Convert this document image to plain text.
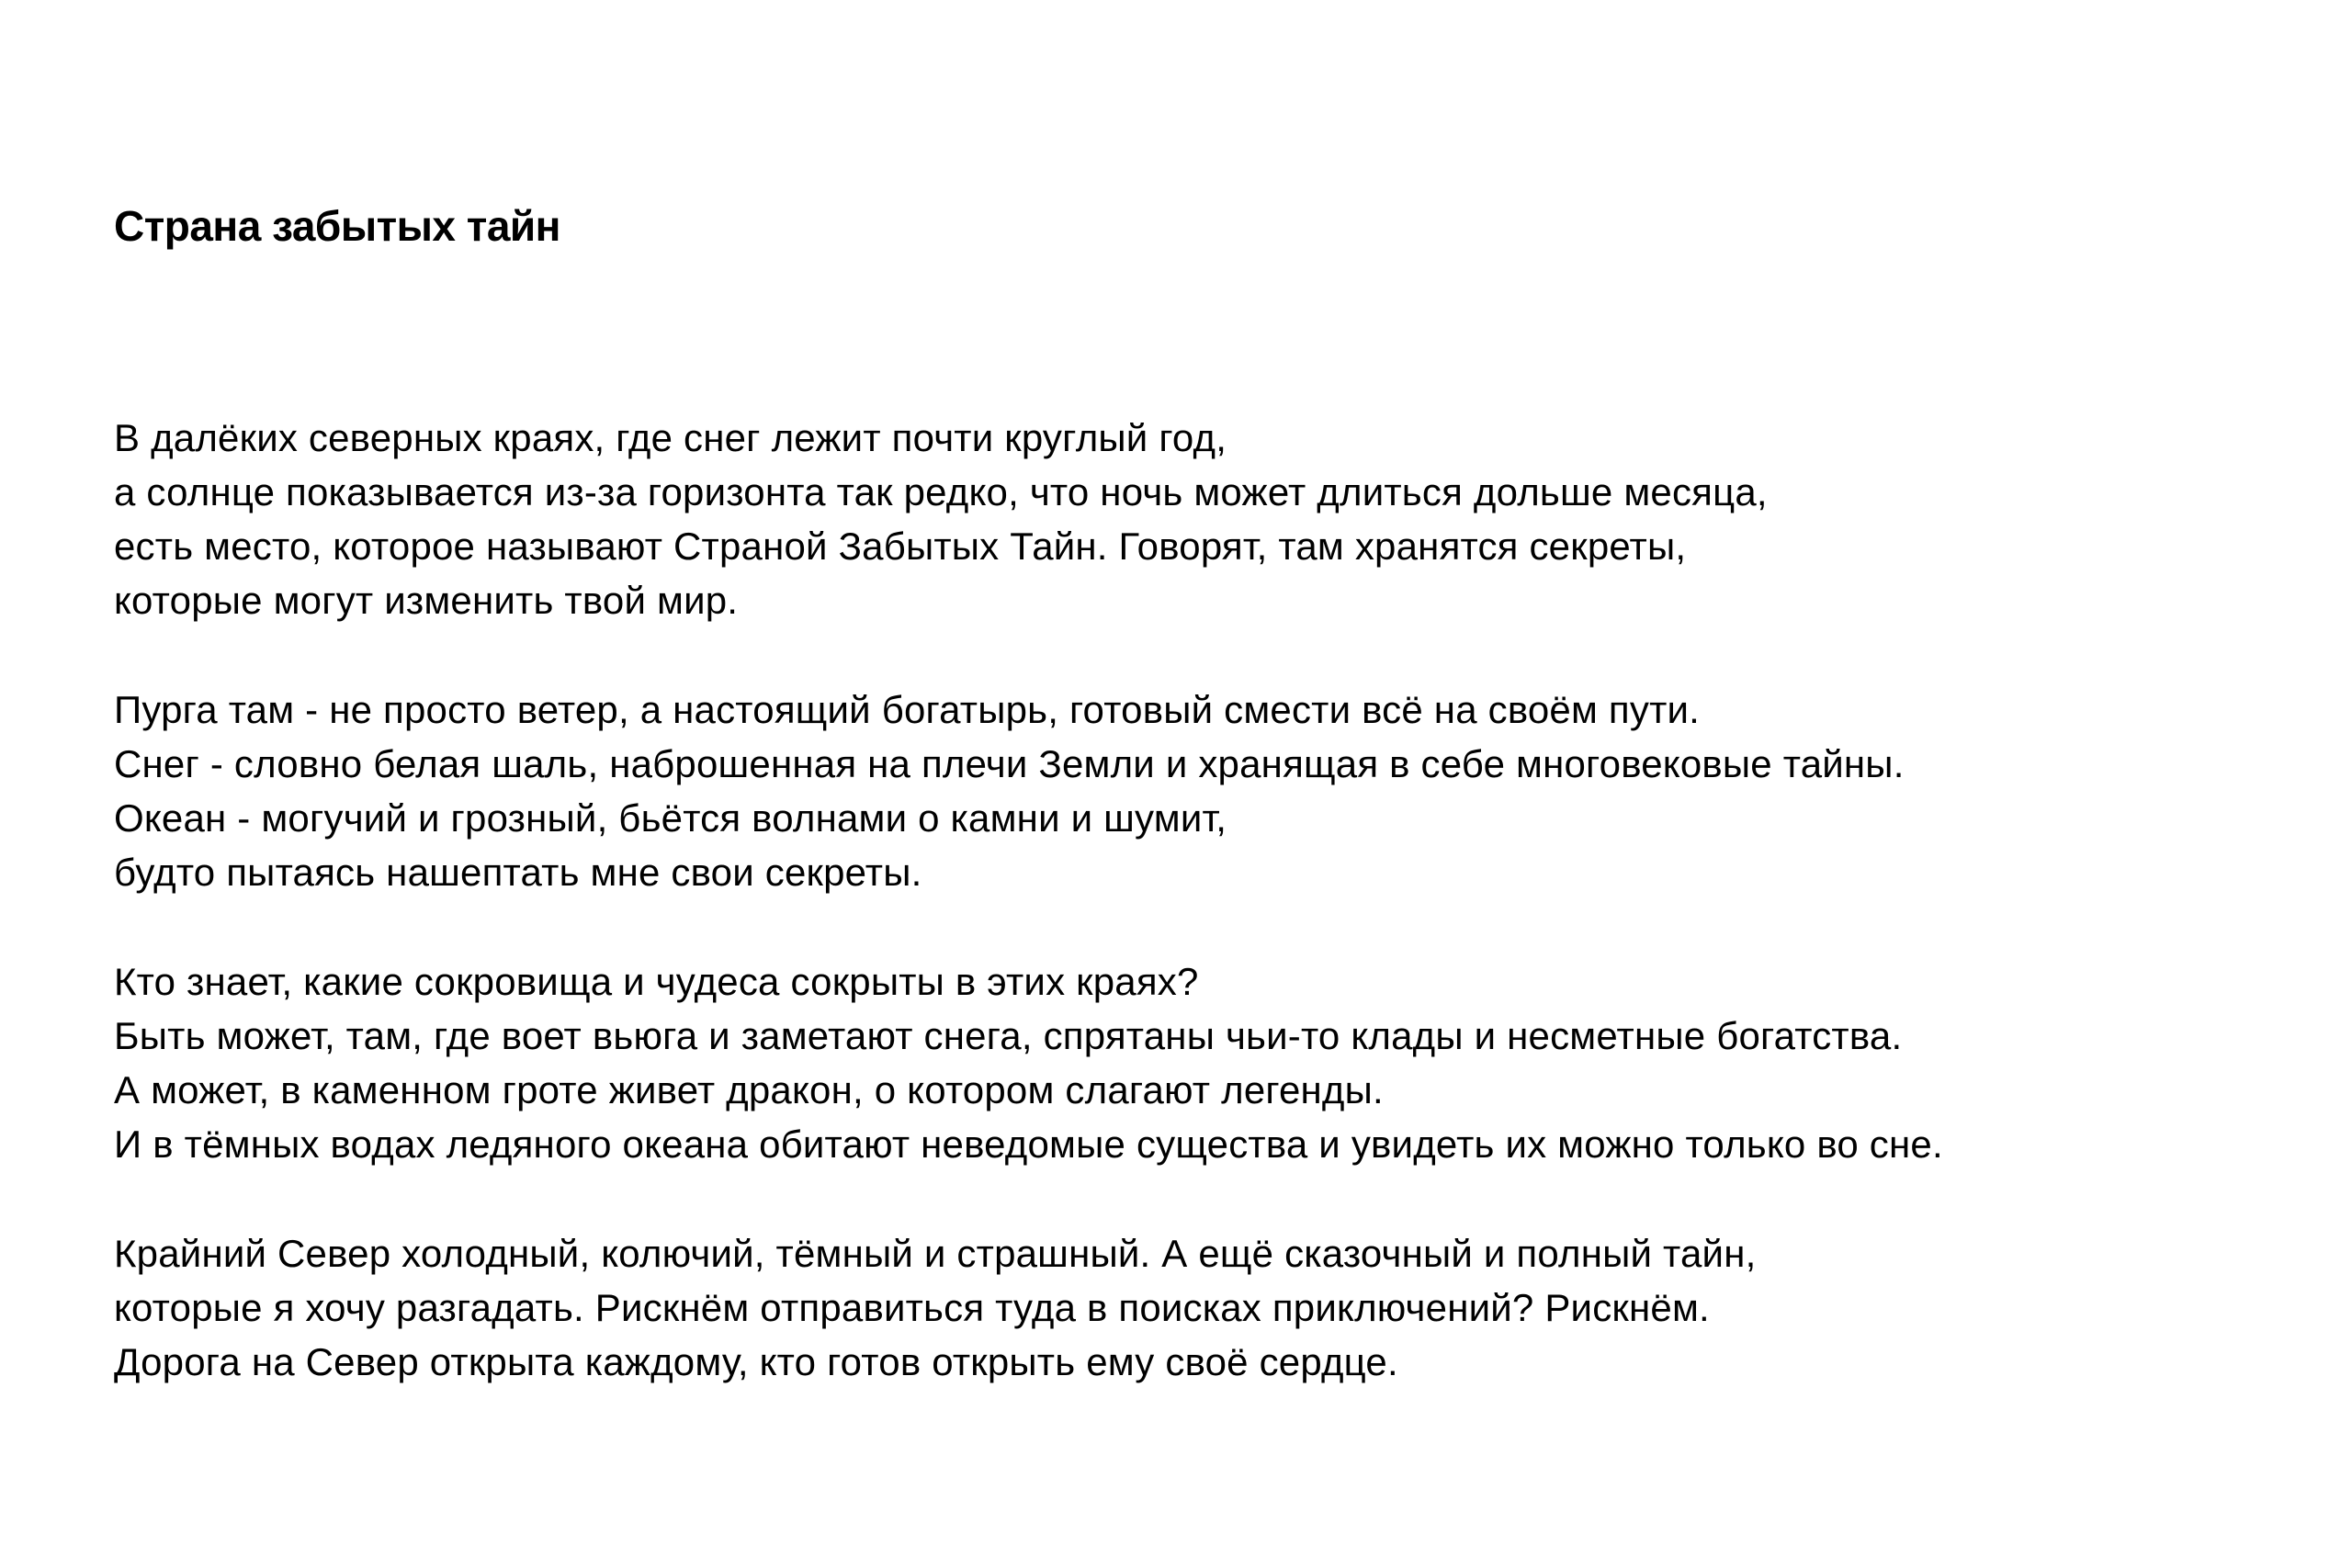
Страна забытых тайн

В далёких северных краях, где снег лежит почти круглый год,
а солнце показывается из-за горизонта так редко, что ночь может длиться дольше месяца,
есть место, которое называют Страной Забытых Тайн. Говорят, там хранятся секреты,
которые могут изменить твой мир.

Пурга там - не просто ветер, а настоящий богатырь, готовый смести всё на своём пути.
Снег - словно белая шаль, наброшенная на плечи Земли и хранящая в себе многовековые тайны.
Океан - могучий и грозный, бьётся волнами о камни и шумит,
будто пытаясь нашептать мне свои секреты.

Кто знает, какие сокровища и чудеса сокрыты в этих краях?
Быть может, там, где воет вьюга и заметают снега, спрятаны чьи-то клады и несметные богатства.
А может, в каменном гроте живет дракон, о котором слагают легенды.
И в тёмных водах ледяного океана обитают неведомые существа и увидеть их можно только во сне.

Крайний Север холодный, колючий, тёмный и страшный. А ещё сказочный и полный тайн,
которые я хочу разгадать. Рискнём отправиться туда в поисках приключений? Рискнём.
Дорога на Север открыта каждому, кто готов открыть ему своё сердце.
